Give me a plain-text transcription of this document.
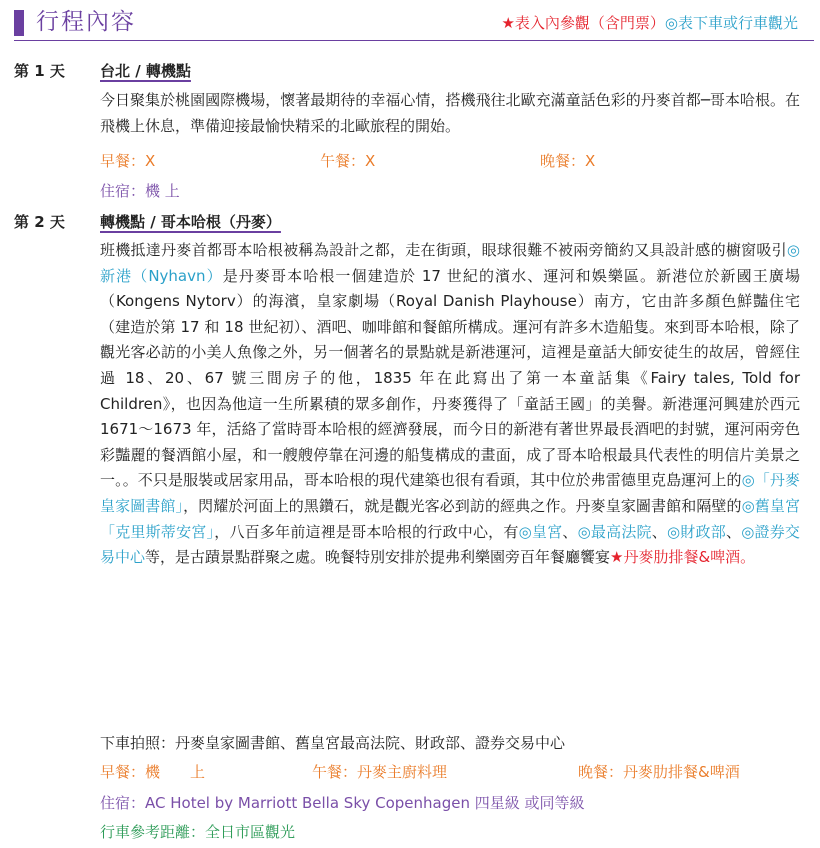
行程內容	★表入內參觀（含門票）◎表下車或行車觀光
第 1 天 台北 / 轉機點
今日聚集於桃園國際機場，懷著最期待的幸福心情，搭機飛往北歐充滿童話色彩的丹麥首都─哥本哈根。在飛機上休息，準備迎接最愉快精采的北歐旅程的開始。
早餐：X	午餐：X	晚餐：X
住宿：機 上
第 2 天 轉機點 / 哥本哈根（丹麥）
班機抵達丹麥首都哥本哈根被稱為設計之都，走在街頭，眼球很難不被兩旁簡約又具設計感的櫥窗吸引◎新港（Nyhavn）是丹麥哥本哈根一個建造於 17 世紀的濱水、運河和娛樂區。新港位於新國王廣場（Kongens Nytorv）的海濱，皇家劇場（Royal Danish Playhouse）南方，它由許多顏色鮮豔住宅（建造於第 17 和 18 世紀初）、酒吧、咖啡館和餐館所構成。運河有許多木造船隻。來到哥本哈根，除了觀光客必訪的小美人魚像之外，另一個著名的景點就是新港運河，這裡是童話大師安徒生的故居，曾經住過 18、20、67 號三間房子的他，1835 年在此寫出了第一本童話集《Fairy tales, Told for Children》，也因為他這一生所累積的眾多創作，丹麥獲得了「童話王國」的美譽。新港運河興建於西元 1671～1673 年，活絡了當時哥本哈根的經濟發展，而今日的新港有著世界最長酒吧的封號，運河兩旁色彩豔麗的餐酒館小屋，和一艘艘停靠在河邊的船隻構成的畫面，成了哥本哈根最具代表性的明信片美景之一。。不只是服裝或居家用品，哥本哈根的現代建築也很有看頭，其中位於弗雷德里克島運河上的◎「丹麥皇家圖書館」，閃耀於河面上的黑鑽石，就是觀光客必到訪的經典之作。丹麥皇家圖書館和隔壁的◎舊皇宮「克里斯蒂安宮」，八百多年前這裡是哥本哈根的行政中心，有◎皇宮、◎最高法院、◎財政部、◎證券交易中心等，是古蹟景點群聚之處。晚餐特別安排於提弗利樂園旁百年餐廳饗宴★丹麥肋排餐&啤酒。
下車拍照：丹麥皇家圖書館、舊皇宮最高法院、財政部、證券交易中心
早餐：機　　上	午餐：丹麥主廚料理	晚餐：丹麥肋排餐&啤酒
住宿：AC Hotel by Marriott Bella Sky Copenhagen 四星級 或同等級
行車參考距離：全日市區觀光
